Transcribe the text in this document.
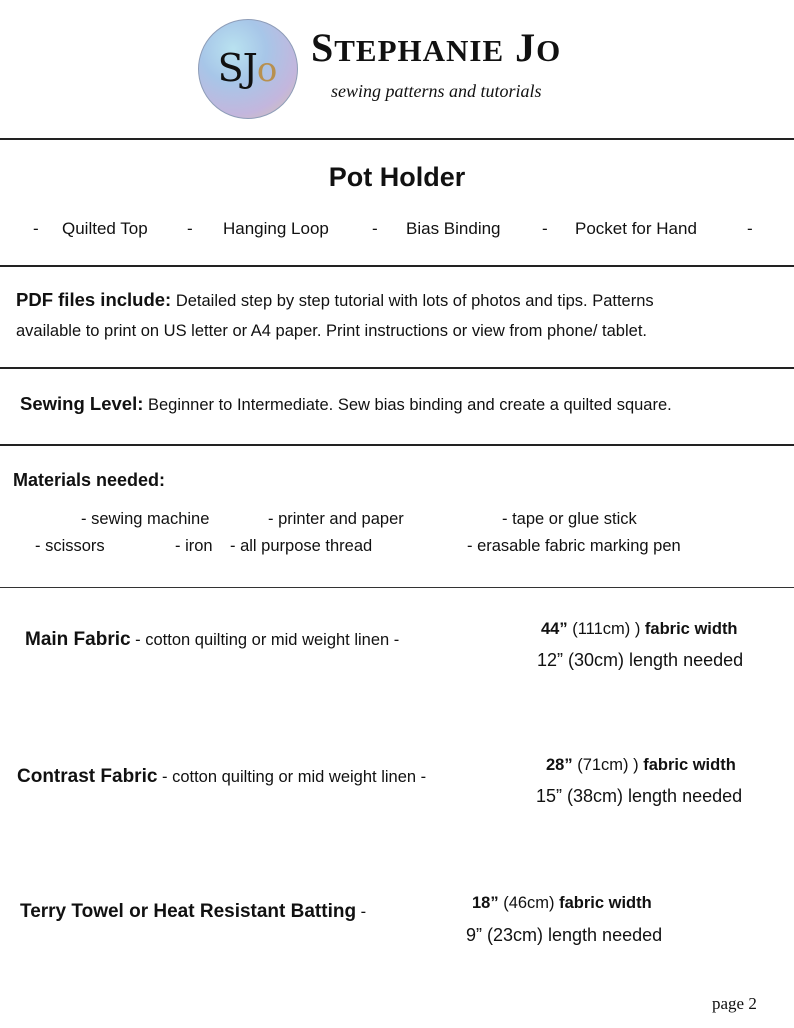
SJo STEPHANIE JO
sewing patterns and tutorials
Pot Holder
- Quilted Top - Hanging Loop	- Bias Binding - Pocket for Hand	-
PDF files include: Detailed step by step tutorial with lots of photos and tips. Patterns
available to print on US letter or A4 paper. Print instructions or view from phone/ tablet.
Sewing Level: Beginner to Intermediate. Sew bias binding and create a quilted square.
Materials needed:
- sewing machine	- printer and paper	- tape or glue stick
- scissors	- iron - all purpose thread	- erasable fabric marking pen
Main Fabric - cotton quilting or mid weight linen -
44” (111cm) ) fabric width
12” (30cm) length needed
Contrast Fabric - cotton quilting or mid weight linen -
28” (71cm) ) fabric width
15” (38cm) length needed
Terry Towel or Heat Resistant Batting -	18” (46cm) fabric width
9” (23cm) length needed
page 2
